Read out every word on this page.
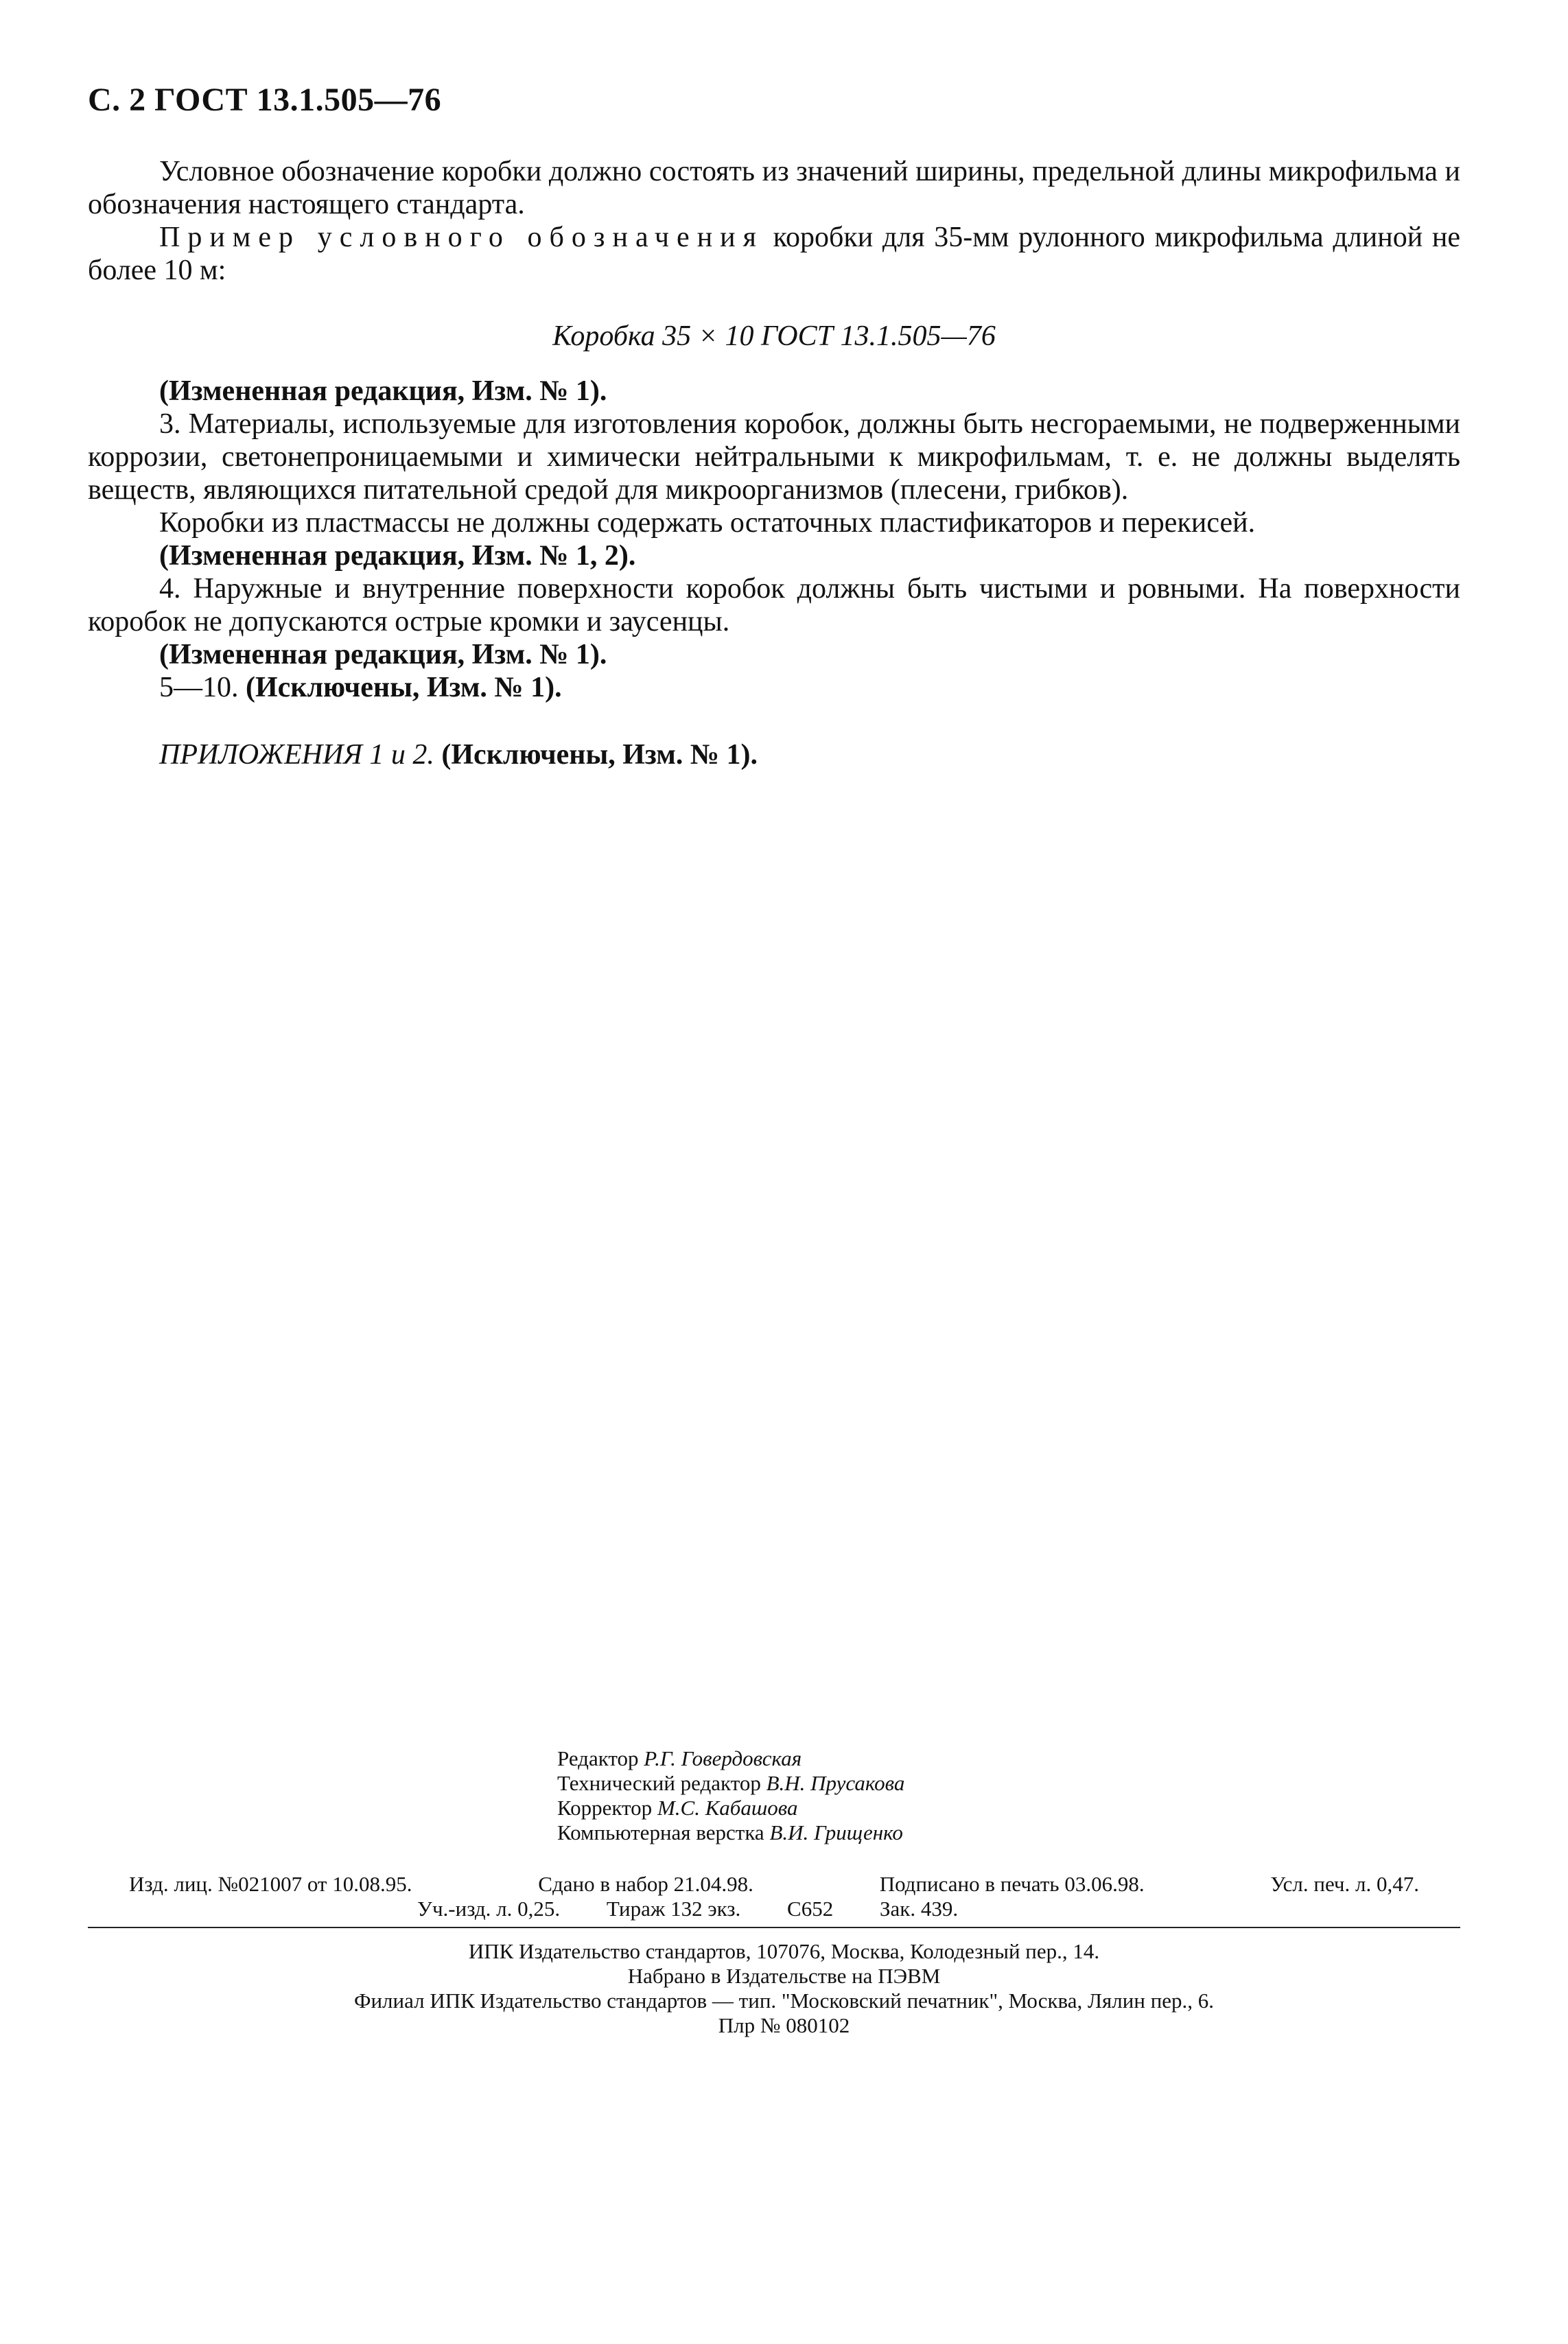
С. 2 ГОСТ 13.1.505—76

Условное обозначение коробки должно состоять из значений ширины, предельной длины микрофильма и обозначения настоящего стандарта.

Пример условного обозначения коробки для 35-мм рулонного микрофильма длиной не более 10 м:

Коробка 35 × 10 ГОСТ 13.1.505—76

(Измененная редакция, Изм. № 1).

3. Материалы, используемые для изготовления коробок, должны быть несгораемыми, не подверженными коррозии, светонепроницаемыми и химически нейтральными к микрофильмам, т. е. не должны выделять веществ, являющихся питательной средой для микроорганизмов (плесени, грибков).

Коробки из пластмассы не должны содержать остаточных пластификаторов и перекисей.

(Измененная редакция, Изм. № 1, 2).

4. Наружные и внутренние поверхности коробок должны быть чистыми и ровными. На поверхности коробок не допускаются острые кромки и заусенцы.

(Измененная редакция, Изм. № 1).

5—10. (Исключены, Изм. № 1).

ПРИЛОЖЕНИЯ 1 и 2. (Исключены, Изм. № 1).

Редактор Р.Г. Говердовская
Технический редактор В.Н. Прусакова
Корректор М.С. Кабашова
Компьютерная верстка В.И. Грищенко
Изд. лиц. №021007 от 10.08.95.	Сдано в набор 21.04.98.	Подписано в печать 03.06.98.	Усл. печ. л. 0,47.
Уч.-изд. л. 0,25. Тираж 132 экз. С652 Зак. 439.
ИПК Издательство стандартов, 107076, Москва, Колодезный пер., 14.
Набрано в Издательстве на ПЭВМ
Филиал ИПК Издательство стандартов — тип. "Московский печатник", Москва, Лялин пер., 6.
Плр № 080102
